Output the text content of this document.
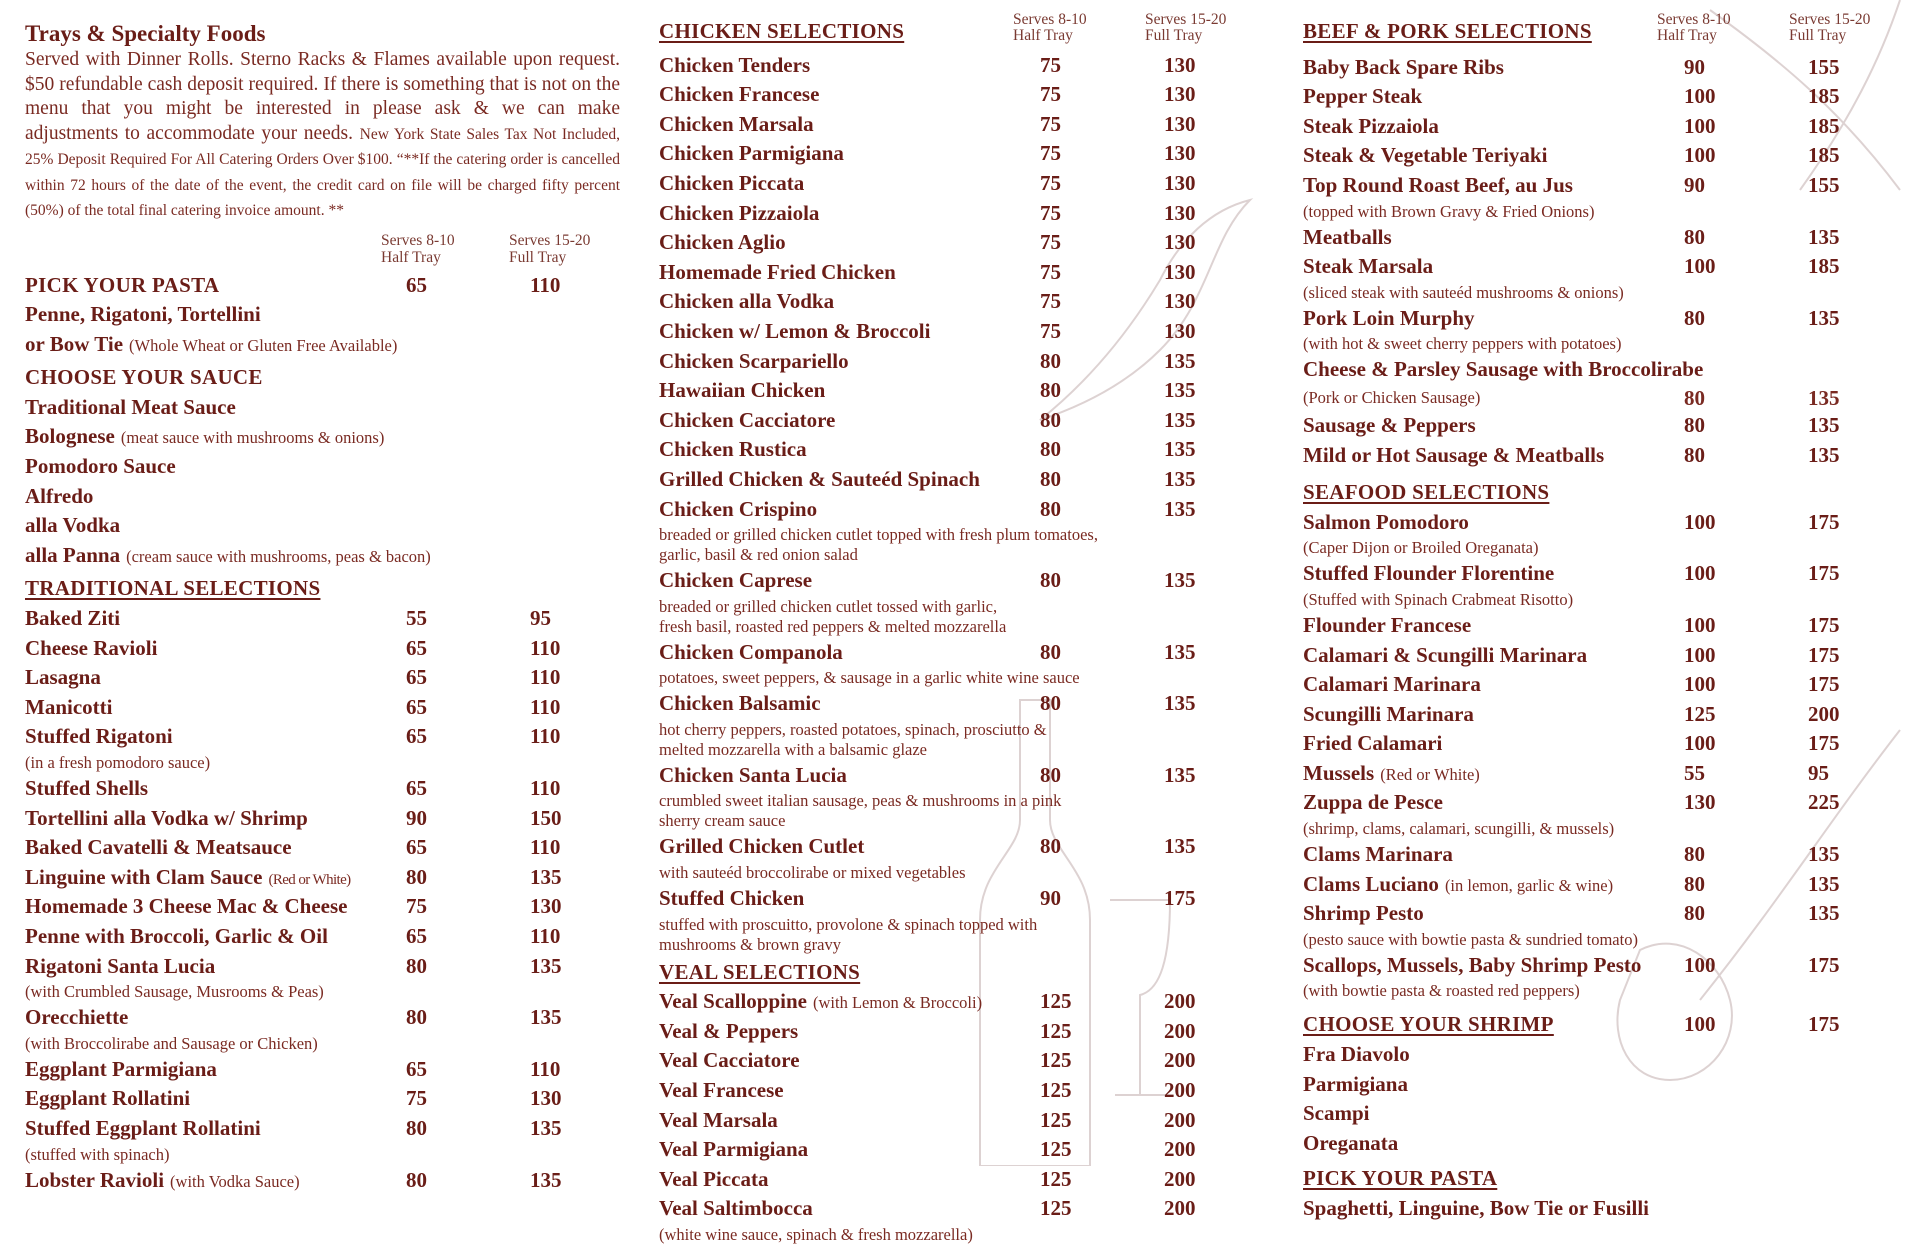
Trays & Specialty Foods
Served with Dinner Rolls. Sterno Racks & Flames available upon request. $50 refundable cash deposit required. If there is something that is not on the menu that you might be interested in please ask & we can make adjustments to accommodate your needs. New York State Sales Tax Not Included, 25% Deposit Required For All Catering Orders Over $100. “**If the catering order is cancelled within 72 hours of the date of the event, the credit card on file will be charged fifty percent (50%) of the total final catering invoice amount. **
Serves 8-10
Half Tray
Serves 15-20
Full Tray
PICK YOUR PASTA	65	110
Penne, Rigatoni, Tortellini
or Bow Tie (Whole Wheat or Gluten Free Available)
CHOOSE YOUR SAUCE
Traditional Meat Sauce
Bolognese (meat sauce with mushrooms & onions)
Pomodoro Sauce
Alfredo
alla Vodka
alla Panna (cream sauce with mushrooms, peas & bacon)
TRADITIONAL SELECTIONS
Baked Ziti	55	95
Cheese Ravioli	65	110
Lasagna	65	110
Manicotti	65	110
Stuffed Rigatoni	65	110
(in a fresh pomodoro sauce)
Stuffed Shells	65	110
Tortellini alla Vodka w/ Shrimp	90	150
Baked Cavatelli & Meatsauce	65	110
Linguine with Clam Sauce (Red or White)	80	135
Homemade 3 Cheese Mac & Cheese	75	130
Penne with Broccoli, Garlic & Oil	65	110
Rigatoni Santa Lucia	80	135
(with Crumbled Sausage, Musrooms & Peas)
Orecchiette	80	135
(with Broccolirabe and Sausage or Chicken)
Eggplant Parmigiana	65	110
Eggplant Rollatini	75	130
Stuffed Eggplant Rollatini	80	135
(stuffed with spinach)
Lobster Ravioli (with Vodka Sauce)	80	135
Serves 8-10
Half Tray
Serves 15-20
Full Tray
CHICKEN SELECTIONS
Chicken Tenders	75	130
Chicken Francese	75	130
Chicken Marsala	75	130
Chicken Parmigiana	75	130
Chicken Piccata	75	130
Chicken Pizzaiola	75	130
Chicken Aglio	75	130
Homemade Fried Chicken	75	130
Chicken alla Vodka	75	130
Chicken w/ Lemon & Broccoli	75	130
Chicken Scarpariello	80	135
Hawaiian Chicken	80	135
Chicken Cacciatore	80	135
Chicken Rustica	80	135
Grilled Chicken & Sauteéd Spinach	80	135
Chicken Crispino	80	135
breaded or grilled chicken cutlet topped with fresh plum tomatoes,
garlic, basil & red onion salad
Chicken Caprese	80	135
breaded or grilled chicken cutlet tossed with garlic,
fresh basil, roasted red peppers & melted mozzarella
Chicken Companola	80	135
potatoes, sweet peppers, & sausage in a garlic white wine sauce
Chicken Balsamic	80	135
hot cherry peppers, roasted potatoes, spinach, prosciutto &
melted mozzarella with a balsamic glaze
Chicken Santa Lucia	80	135
crumbled sweet italian sausage, peas & mushrooms in a pink
sherry cream sauce
Grilled Chicken Cutlet	80	135
with sauteéd broccolirabe or mixed vegetables
Stuffed Chicken	90	175
stuffed with proscuitto, provolone & spinach topped with
mushrooms & brown gravy
VEAL SELECTIONS
Veal Scalloppine (with Lemon & Broccoli)	125	200
Veal & Peppers	125	200
Veal Cacciatore	125	200
Veal Francese	125	200
Veal Marsala	125	200
Veal Parmigiana	125	200
Veal Piccata	125	200
Veal Saltimbocca	125	200
(white wine sauce, spinach & fresh mozzarella)
Serves 8-10
Half Tray
Serves 15-20
Full Tray
BEEF & PORK SELECTIONS
Baby Back Spare Ribs	90	155
Pepper Steak	100	185
Steak Pizzaiola	100	185
Steak & Vegetable Teriyaki	100	185
Top Round Roast Beef, au Jus	90	155
(topped with Brown Gravy & Fried Onions)
Meatballs	80	135
Steak Marsala	100	185
(sliced steak with sauteéd mushrooms & onions)
Pork Loin Murphy	80	135
(with hot & sweet cherry peppers with potatoes)
Cheese & Parsley Sausage with Broccolirabe
(Pork or Chicken Sausage)	80	135
Sausage & Peppers	80	135
Mild or Hot Sausage & Meatballs	80	135
SEAFOOD SELECTIONS
Salmon Pomodoro	100	175
(Caper Dijon or Broiled Oreganata)
Stuffed Flounder Florentine	100	175
(Stuffed with Spinach Crabmeat Risotto)
Flounder Francese	100	175
Calamari & Scungilli Marinara	100	175
Calamari Marinara	100	175
Scungilli Marinara	125	200
Fried Calamari	100	175
Mussels (Red or White)	55	95
Zuppa de Pesce	130	225
(shrimp, clams, calamari, scungilli, & mussels)
Clams Marinara	80	135
Clams Luciano (in lemon, garlic & wine)	80	135
Shrimp Pesto	80	135
(pesto sauce with bowtie pasta & sundried tomato)
Scallops, Mussels, Baby Shrimp Pesto 100	175
(with bowtie pasta & roasted red peppers)
CHOOSE YOUR SHRIMP	100	175
Fra Diavolo
Parmigiana
Scampi
Oreganata
PICK YOUR PASTA
Spaghetti, Linguine, Bow Tie or Fusilli
